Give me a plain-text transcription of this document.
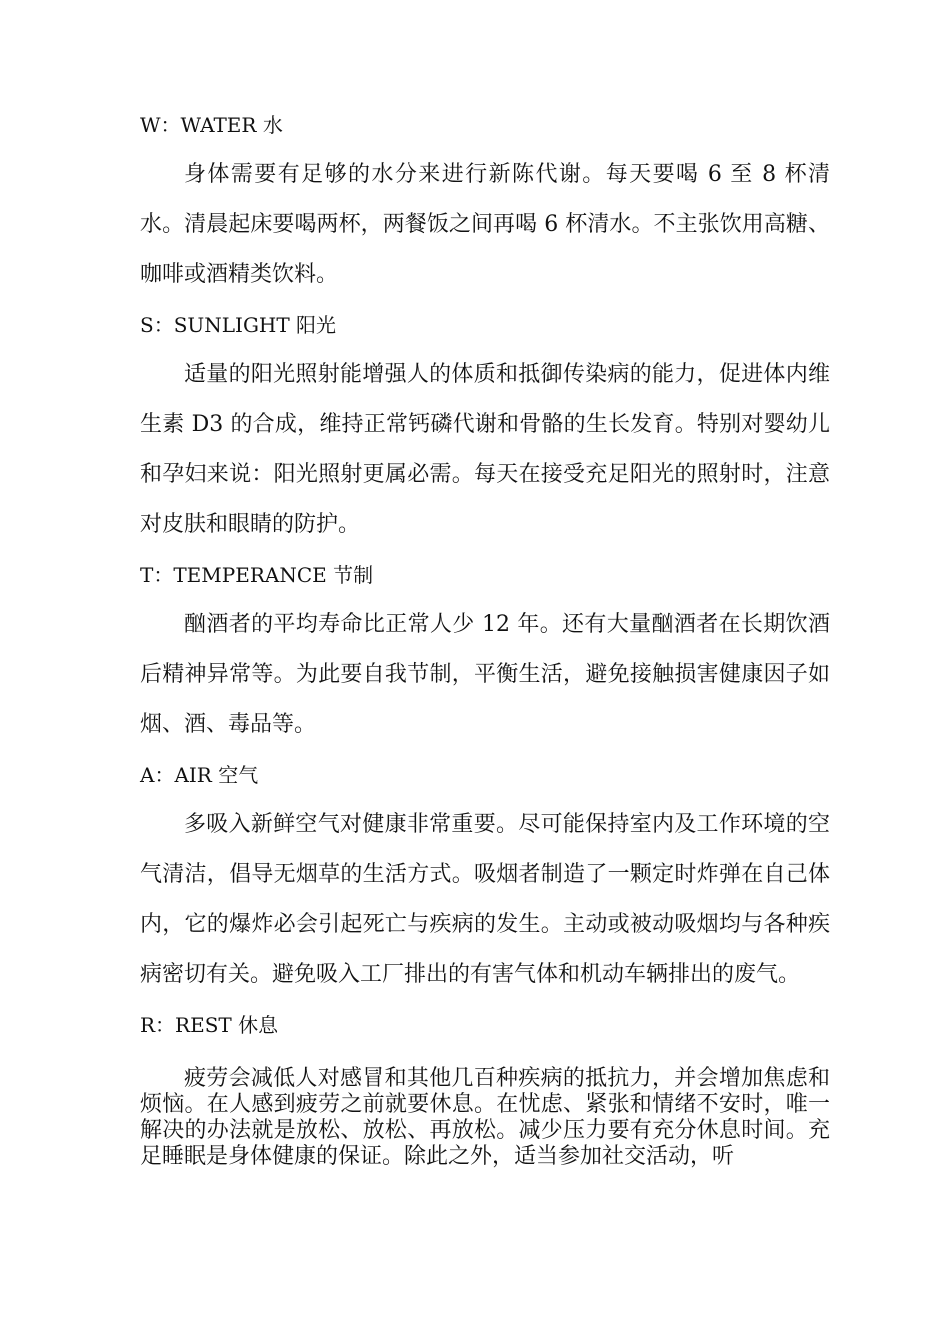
W：WATER 水

身体需要有足够的水分来进行新陈代谢。每天要喝 6 至 8 杯清水。清晨起床要喝两杯，两餐饭之间再喝 6 杯清水。不主张饮用高糖、咖啡或酒精类饮料。

S：SUNLIGHT 阳光

适量的阳光照射能增强人的体质和抵御传染病的能力，促进体内维生素 D3 的合成，维持正常钙磷代谢和骨骼的生长发育。特别对婴幼儿和孕妇来说：阳光照射更属必需。每天在接受充足阳光的照射时，注意对皮肤和眼睛的防护。

T：TEMPERANCE 节制

酗酒者的平均寿命比正常人少 12 年。还有大量酗酒者在长期饮酒后精神异常等。为此要自我节制，平衡生活，避免接触损害健康因子如烟、酒、毒品等。

A：AIR 空气

多吸入新鲜空气对健康非常重要。尽可能保持室内及工作环境的空气清洁，倡导无烟草的生活方式。吸烟者制造了一颗定时炸弹在自己体内，它的爆炸必会引起死亡与疾病的发生。主动或被动吸烟均与各种疾病密切有关。避免吸入工厂排出的有害气体和机动车辆排出的废气。

R：REST 休息

疲劳会减低人对感冒和其他几百种疾病的抵抗力，并会增加焦虑和烦恼。在人感到疲劳之前就要休息。在忧虑、紧张和情绪不安时，唯一解决的办法就是放松、放松、再放松。减少压力要有充分休息时间。充足睡眠是身体健康的保证。除此之外，适当参加社交活动，听
